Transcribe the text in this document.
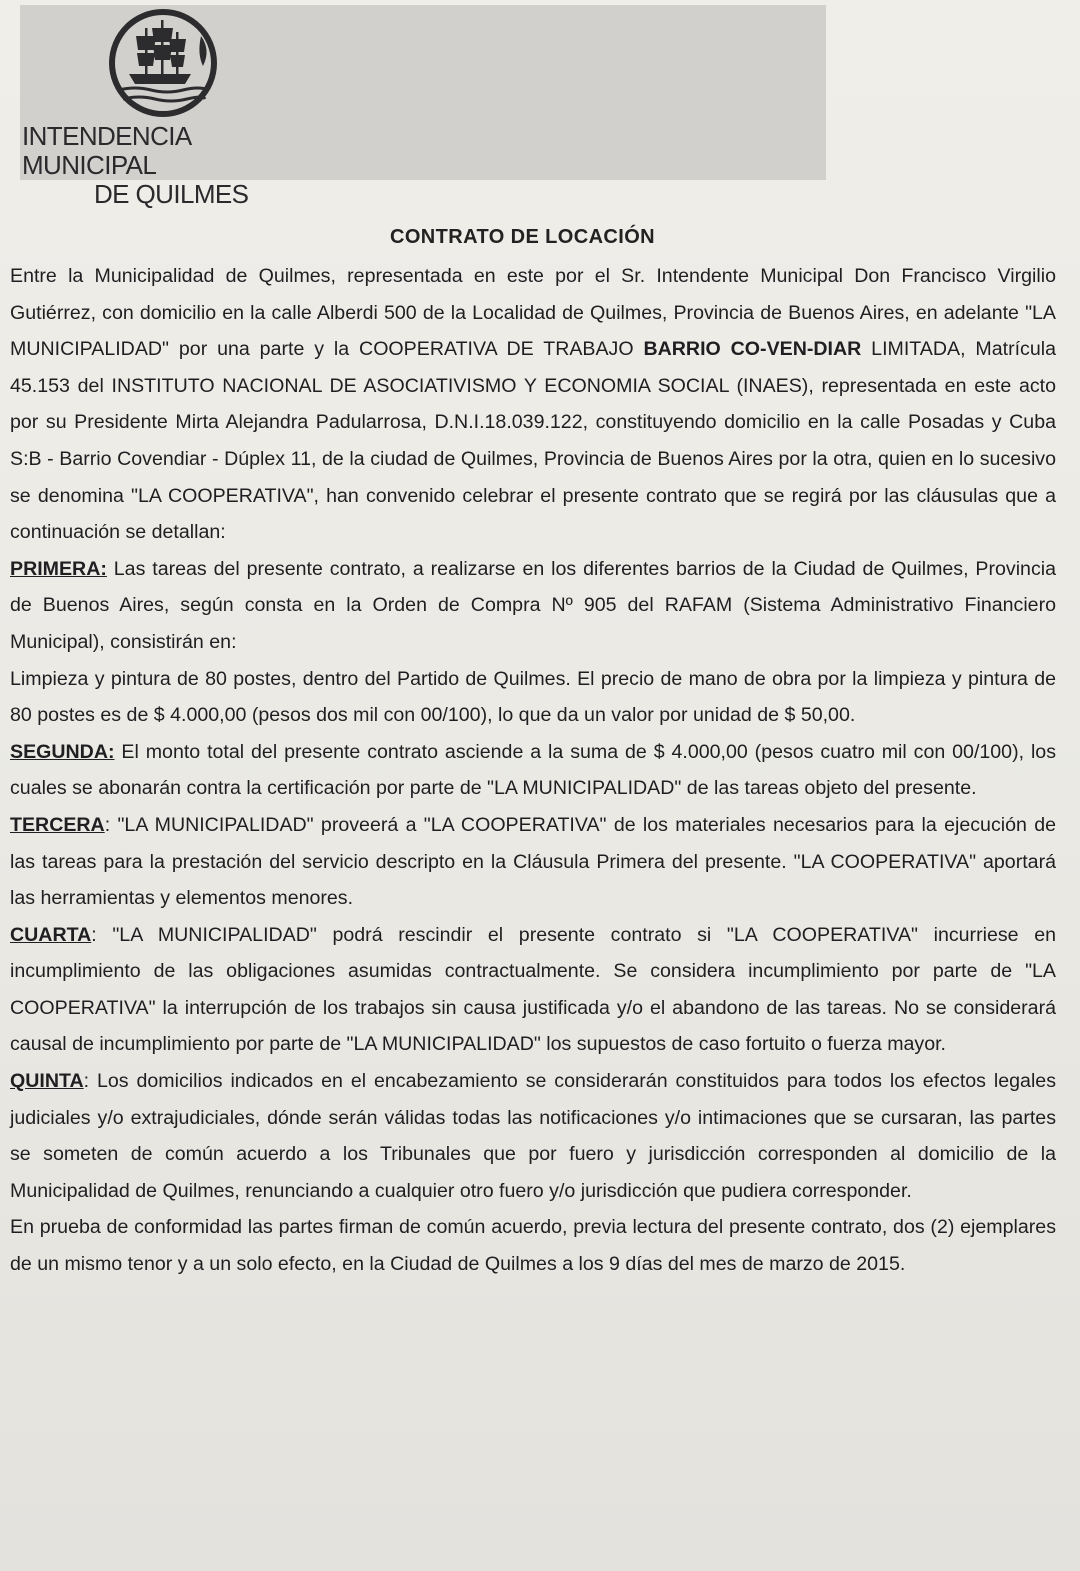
INTENDENCIA MUNICIPAL
DE QUILMES
CONTRATO DE LOCACIÓN

Entre la Municipalidad de Quilmes, representada en este por el Sr. Intendente Municipal Don Francisco Virgilio Gutiérrez, con domicilio en la calle Alberdi 500 de la Localidad de Quilmes, Provincia de Buenos Aires, en adelante "LA MUNICIPALIDAD" por una parte y la COOPERATIVA DE TRABAJO BARRIO CO-VEN-DIAR LIMITADA, Matrícula 45.153 del INSTITUTO NACIONAL DE ASOCIATIVISMO Y ECONOMIA SOCIAL (INAES), representada en este acto por su Presidente Mirta Alejandra Padularrosa, D.N.I.18.039.122, constituyendo domicilio en la calle Posadas y Cuba S:B - Barrio Covendiar - Dúplex 11, de la ciudad de Quilmes, Provincia de Buenos Aires por la otra, quien en lo sucesivo se denomina "LA COOPERATIVA", han convenido celebrar el presente contrato que se regirá por las cláusulas que a continuación se detallan:

PRIMERA: Las tareas del presente contrato, a realizarse en los diferentes barrios de la Ciudad de Quilmes, Provincia de Buenos Aires, según consta en la Orden de Compra Nº 905 del RAFAM (Sistema Administrativo Financiero Municipal), consistirán en:

Limpieza y pintura de 80 postes, dentro del Partido de Quilmes. El precio de mano de obra por la limpieza y pintura de 80 postes es de $ 4.000,00 (pesos dos mil con 00/100), lo que da un valor por unidad de $ 50,00.

SEGUNDA: El monto total del presente contrato asciende a la suma de $ 4.000,00 (pesos cuatro mil con 00/100), los cuales se abonarán contra la certificación por parte de "LA MUNICIPALIDAD" de las tareas objeto del presente.

TERCERA: "LA MUNICIPALIDAD" proveerá a "LA COOPERATIVA" de los materiales necesarios para la ejecución de las tareas para la prestación del servicio descripto en la Cláusula Primera del presente. "LA COOPERATIVA" aportará las herramientas y elementos menores.

CUARTA: "LA MUNICIPALIDAD" podrá rescindir el presente contrato si "LA COOPERATIVA" incurriese en incumplimiento de las obligaciones asumidas contractualmente. Se considera incumplimiento por parte de "LA COOPERATIVA" la interrupción de los trabajos sin causa justificada y/o el abandono de las tareas. No se considerará causal de incumplimiento por parte de "LA MUNICIPALIDAD" los supuestos de caso fortuito o fuerza mayor.

QUINTA: Los domicilios indicados en el encabezamiento se considerarán constituidos para todos los efectos legales judiciales y/o extrajudiciales, dónde serán válidas todas las notificaciones y/o intimaciones que se cursaran, las partes se someten de común acuerdo a los Tribunales que por fuero y jurisdicción corresponden al domicilio de la Municipalidad de Quilmes, renunciando a cualquier otro fuero y/o jurisdicción que pudiera corresponder.

En prueba de conformidad las partes firman de común acuerdo, previa lectura del presente contrato, dos (2) ejemplares de un mismo tenor y a un solo efecto, en la Ciudad de Quilmes a los 9 días del mes de marzo de 2015.
